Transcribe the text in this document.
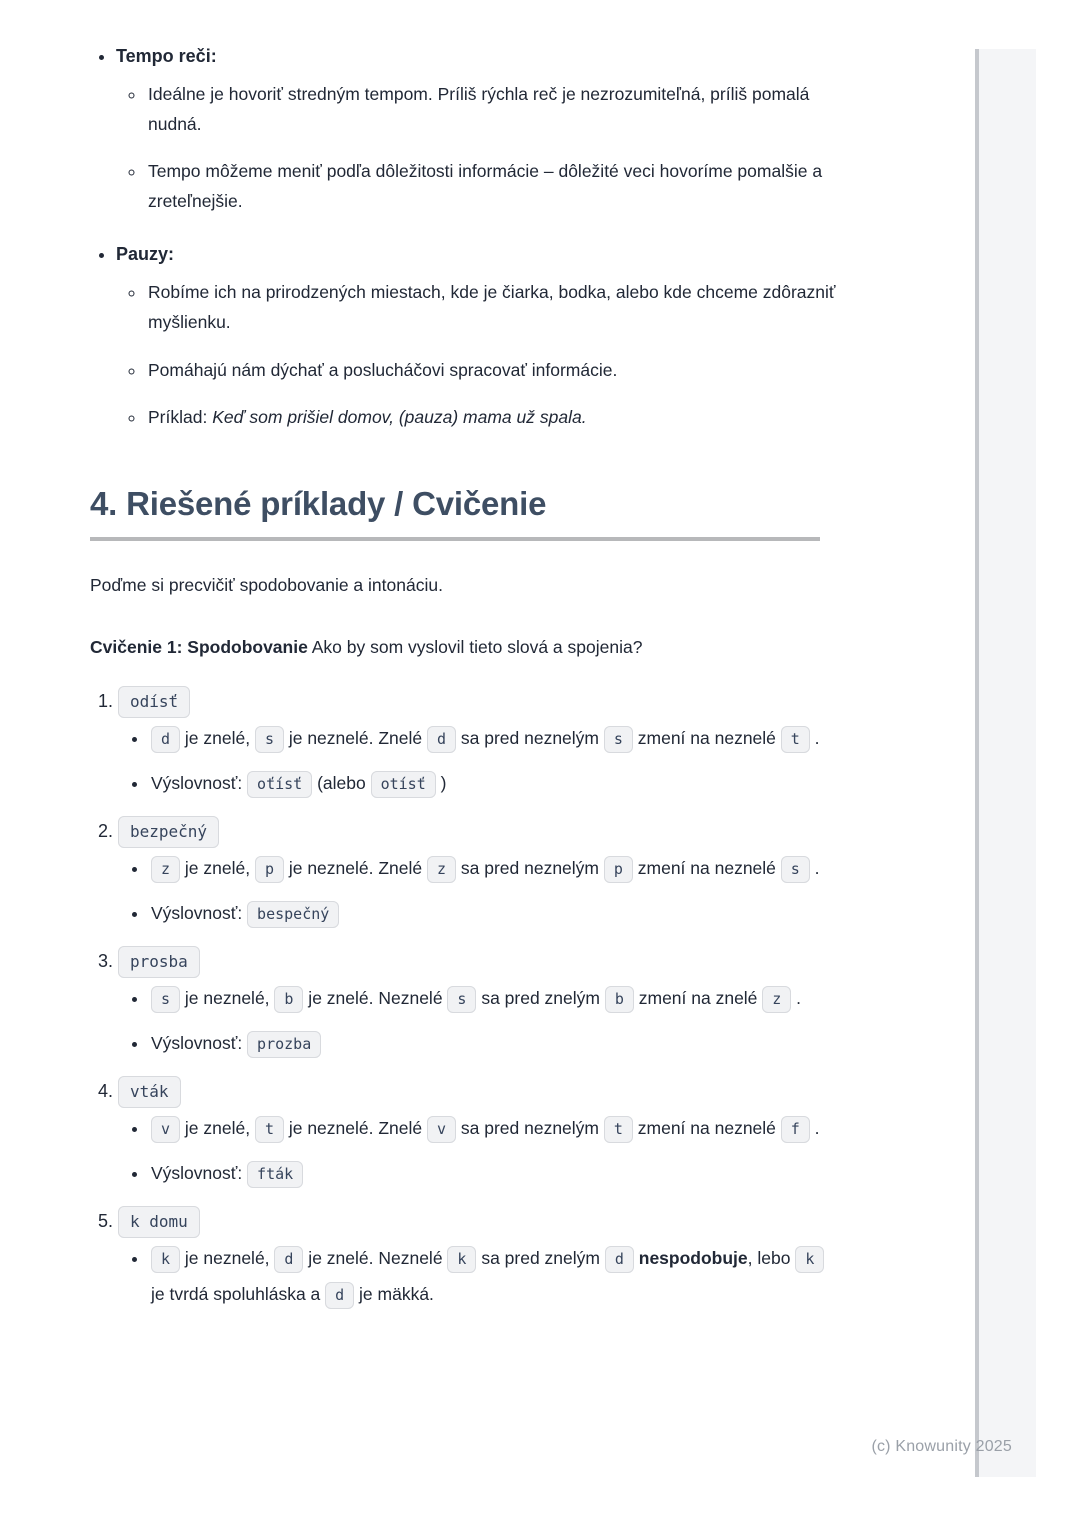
(c) Knowunity 2025
• Tempo reči:
◦ Ideálne je hovoriť stredným tempom. Príliš rýchla reč je nezrozumiteľná, príliš pomalá nudná.
◦ Tempo môžeme meniť podľa dôležitosti informácie – dôležité veci hovoríme pomalšie a zreteľnejšie.
• Pauzy:
◦ Robíme ich na prirodzených miestach, kde je čiarka, bodka, alebo kde chceme zdôrazniť myšlienku.
◦ Pomáhajú nám dýchať a poslucháčovi spracovať informácie.
◦ Príklad: Keď som prišiel domov, (pauza) mama už spala.
4. Riešené príklady / Cvičenie

Poďme si precvičiť spodobovanie a intonáciu.

Cvičenie 1: Spodobovanie Ako by som vyslovil tieto slová a spojenia?

1. odísť
• d je znelé, s je neznelé. Znelé d sa pred neznelým s zmení na neznelé t .
• Výslovnosť: oťísť (alebo otísť )
2. bezpečný
• z je znelé, p je neznelé. Znelé z sa pred neznelým p zmení na neznelé s .
• Výslovnosť: bespečný
3. prosba
• s je neznelé, b je znelé. Neznelé s sa pred znelým b zmení na znelé z .
• Výslovnosť: prozba
4. vták
• v je znelé, t je neznelé. Znelé v sa pred neznelým t zmení na neznelé f .
• Výslovnosť: fták
5. k domu
• k je neznelé, d je znelé. Neznelé k sa pred znelým d nespodobuje, lebo k je tvrdá spoluhláska a d je mäkká.
